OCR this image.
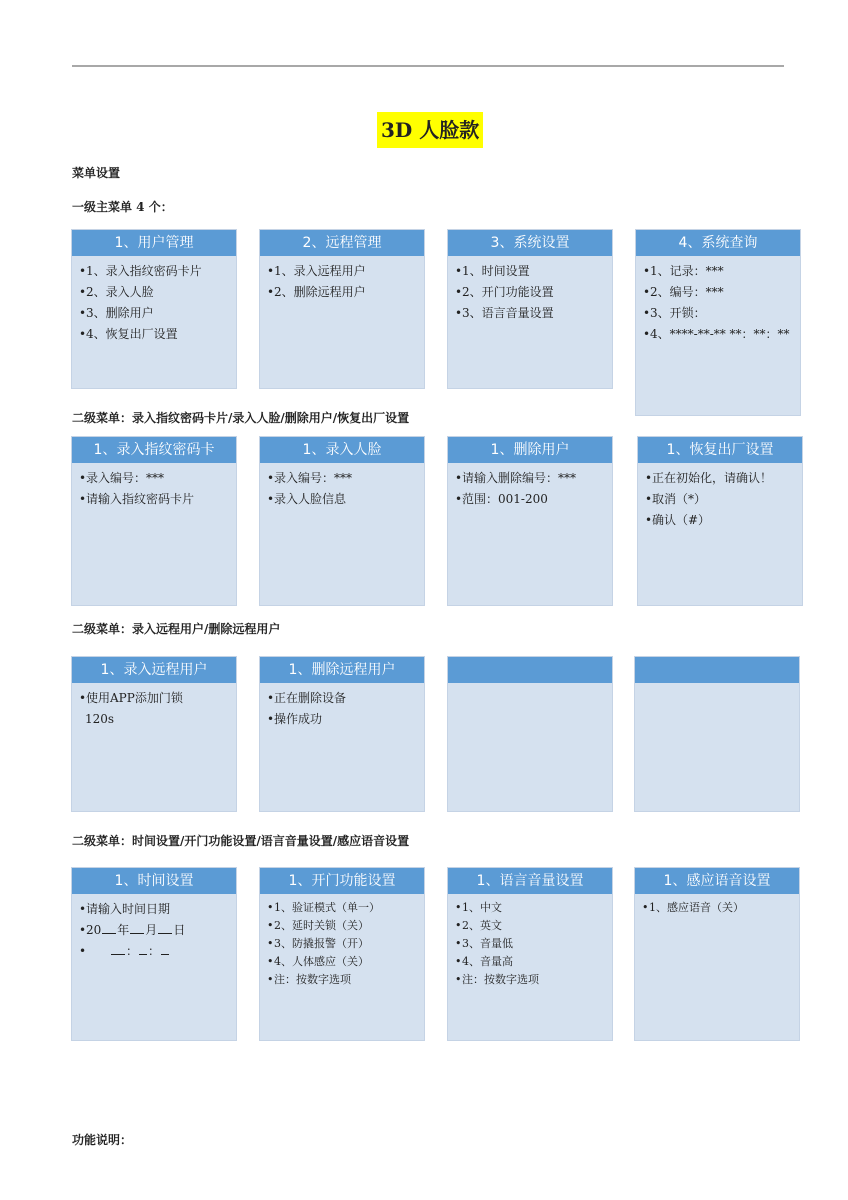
3D 人脸款
菜单设置
一级主菜单 4 个：
1、用户管理
•1、录入指纹密码卡片
•2、录入人脸
•3、删除用户
•4、恢复出厂设置
2、远程管理
•1、录入远程用户
•2、删除远程用户
3、系统设置
•1、时间设置
•2、开门功能设置
•3、语言音量设置
4、系统查询
•1、记录：***
•2、编号：***
•3、开锁：
•4、****-**-** **：**：**
二级菜单：录入指纹密码卡片/录入人脸/删除用户/恢复出厂设置
1、录入指纹密码卡
•录入编号：***
•请输入指纹密码卡片
1、录入人脸
•录入编号：***
•录入人脸信息
1、删除用户
•请输入删除编号：***
•范围：001-200
1、恢复出厂设置
•正在初始化，请确认！
•取消（*）
•确认（#）
二级菜单：录入远程用户/删除远程用户
1、录入远程用户
•使用APP添加门锁
120s
1、删除远程用户
•正在删除设备
•操作成功
二级菜单：时间设置/开门功能设置/语言音量设置/感应语音设置
1、时间设置
•请输入时间日期
•20 年 月 日
•	： ：
1、开门功能设置
•1、验证模式（单一）
•2、延时关锁（关）
•3、防撬报警（开）
•4、人体感应（关）
•注：按数字选项
1、语言音量设置
•1、中文
•2、英文
•3、音量低
•4、音量高
•注：按数字选项
1、感应语音设置
•1、感应语音（关）
功能说明：
